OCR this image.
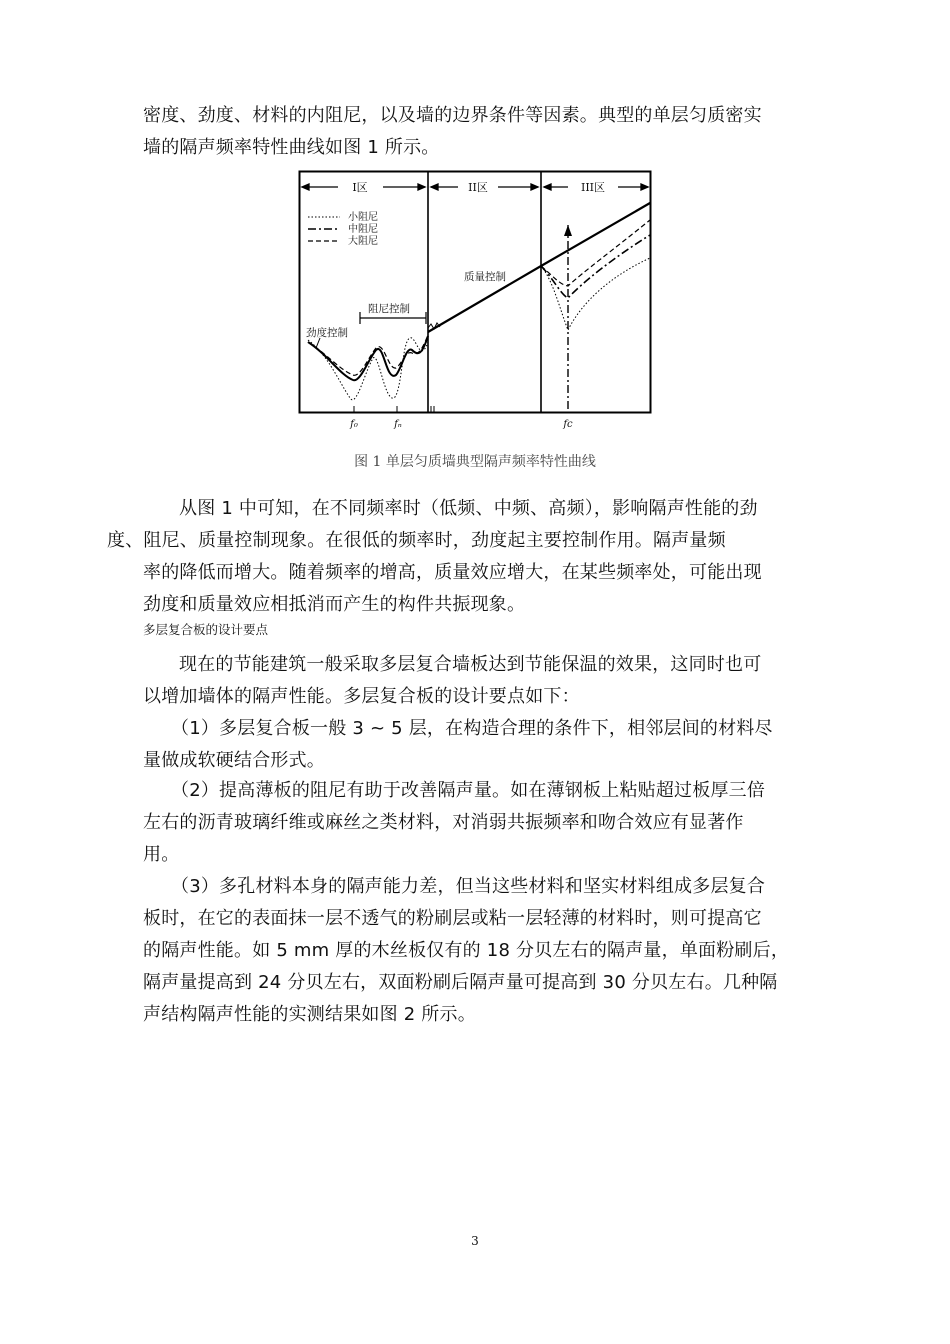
密度、劲度、材料的内阻尼，以及墙的边界条件等因素。典型的单层匀质密实
墙的隔声频率特性曲线如图 1 所示。

I区	II区	III区
小阻尼
中阻尼
大阻尼
阻尼控制
劲度控制
质量控制
f₀	fₙ	fc

图 1 单层匀质墙典型隔声频率特性曲线

从图 1 中可知，在不同频率时（低频、中频、高频），影响隔声性能的劲
度、阻尼、质量控制现象。在很低的频率时，劲度起主要控制作用。隔声量频
率的降低而增大。随着频率的增高，质量效应增大，在某些频率处，可能出现
劲度和质量效应相抵消而产生的构件共振现象。

多层复合板的设计要点

现在的节能建筑一般采取多层复合墙板达到节能保温的效果，这同时也可
以增加墙体的隔声性能。多层复合板的设计要点如下：

（1）多层复合板一般 3 ~ 5 层，在构造合理的条件下，相邻层间的材料尽
量做成软硬结合形式。

（2）提高薄板的阻尼有助于改善隔声量。如在薄钢板上粘贴超过板厚三倍
左右的沥青玻璃纤维或麻丝之类材料，对消弱共振频率和吻合效应有显著作
用。

（3）多孔材料本身的隔声能力差，但当这些材料和坚实材料组成多层复合
板时，在它的表面抹一层不透气的粉刷层或粘一层轻薄的材料时，则可提高它
的隔声性能。如 5 mm 厚的木丝板仅有的 18 分贝左右的隔声量，单面粉刷后，
隔声量提高到 24 分贝左右，双面粉刷后隔声量可提高到 30 分贝左右。几种隔
声结构隔声性能的实测结果如图 2 所示。

3
